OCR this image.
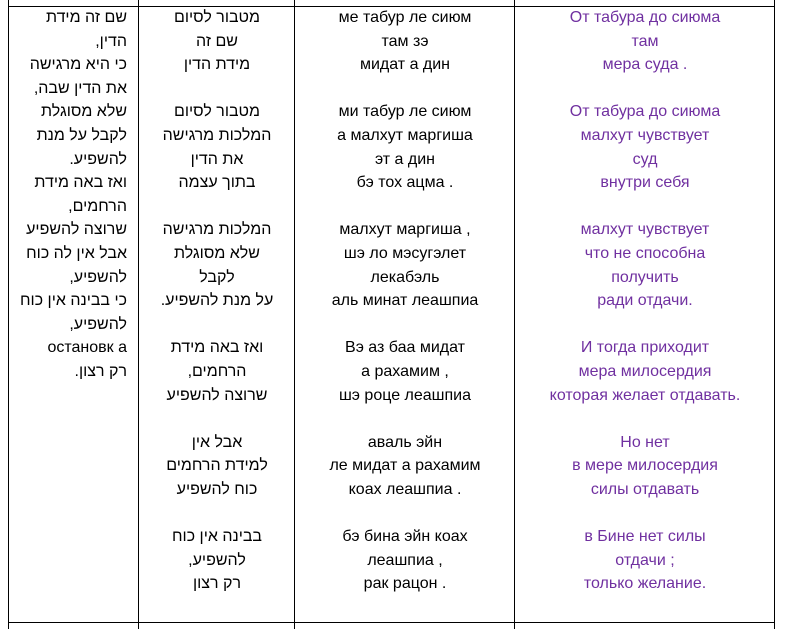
שם זה מידת
הדין,
כי היא מרגישה
את הדין שבה,
שלא מסוגלת
לקבל על מנת
להשפיע.
ואז באה מידת
הרחמים,
שרוצה להשפיע
אבל אין לה כוח
להשפיע,
כי בבינה אין כוח
להשפיע,
остановк а
רק רצון.
מטבור לסיום
שם זה
מידת הדין
מטבור לסיום
המלכות מרגישה
את הדין
בתוך עצמה
המלכות מרגישה
שלא מסוגלת
לקבל
על מנת להשפיע.
ואז באה מידת
הרחמים,
שרוצה להשפיע
אבל אין
למידת הרחמים
כוח להשפיע
בבינה אין כוח
להשפיע,
רק רצון
ме табур ле сиюм
там зэ
мидат а дин
ми табур ле сиюм
а малхут маргиша
эт а дин
бэ тох ацма .
малхут маргиша ,
шэ ло мэсугэлет
лекабэль
аль минат леашпиа
Вэ аз баа мидат
а рахамим ,
шэ роце леашпиа
аваль эйн
ле мидат а рахамим
коах леашпиа .
бэ бина эйн коах
леашпиа ,
рак рацон .
От табура до сиюма
там
мера суда .
От табура до сиюма
малхут чувствует
суд
внутри себя
малхут чувствует
что не способна
получить
ради отдачи.
И тогда приходит
мера милосердия
которая желает отдавать.
Но нет
в мере милосердия
силы отдавать
в Бине нет силы
отдачи ;
только желание.
